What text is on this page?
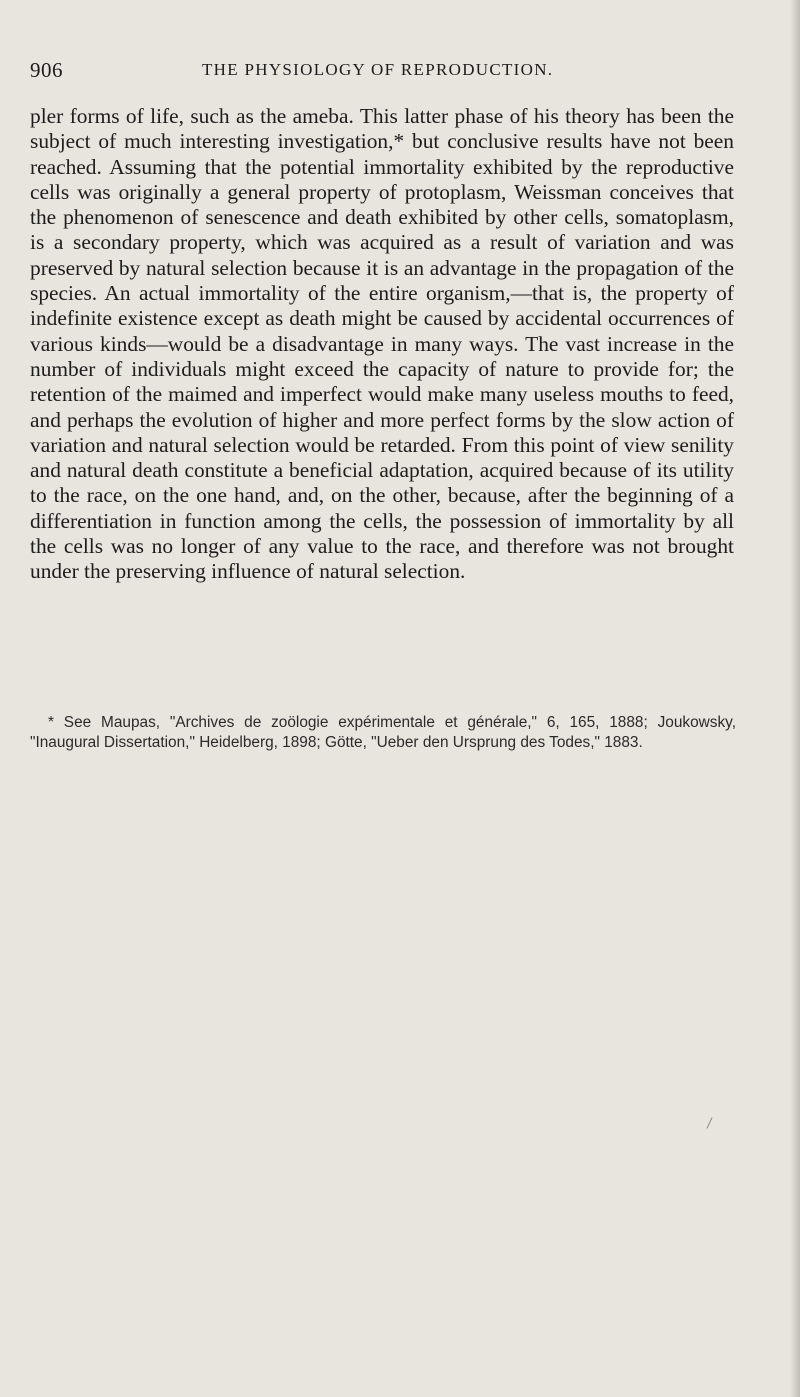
906	THE PHYSIOLOGY OF REPRODUCTION.

pler forms of life, such as the ameba. This latter phase of his theory has been the subject of much interesting investigation,* but conclusive results have not been reached. Assuming that the potential immortality exhibited by the reproductive cells was originally a general property of protoplasm, Weissman conceives that the phenomenon of senescence and death exhibited by other cells, somatoplasm, is a secondary property, which was acquired as a result of variation and was preserved by natural selection because it is an advantage in the propagation of the species. An actual immortality of the entire organism,—that is, the property of indefinite existence except as death might be caused by accidental occurrences of various kinds—would be a disadvantage in many ways. The vast increase in the number of individuals might exceed the capacity of nature to provide for; the retention of the maimed and imperfect would make many useless mouths to feed, and perhaps the evolution of higher and more perfect forms by the slow action of variation and natural selection would be retarded. From this point of view senility and natural death constitute a beneficial adaptation, acquired because of its utility to the race, on the one hand, and, on the other, because, after the beginning of a differentiation in function among the cells, the possession of immortality by all the cells was no longer of any value to the race, and therefore was not brought under the preserving influence of natural selection.

* See Maupas, "Archives de zoölogie expérimentale et générale," 6, 165, 1888; Joukowsky, "Inaugural Dissertation," Heidelberg, 1898; Götte, "Ueber den Ursprung des Todes," 1883.
